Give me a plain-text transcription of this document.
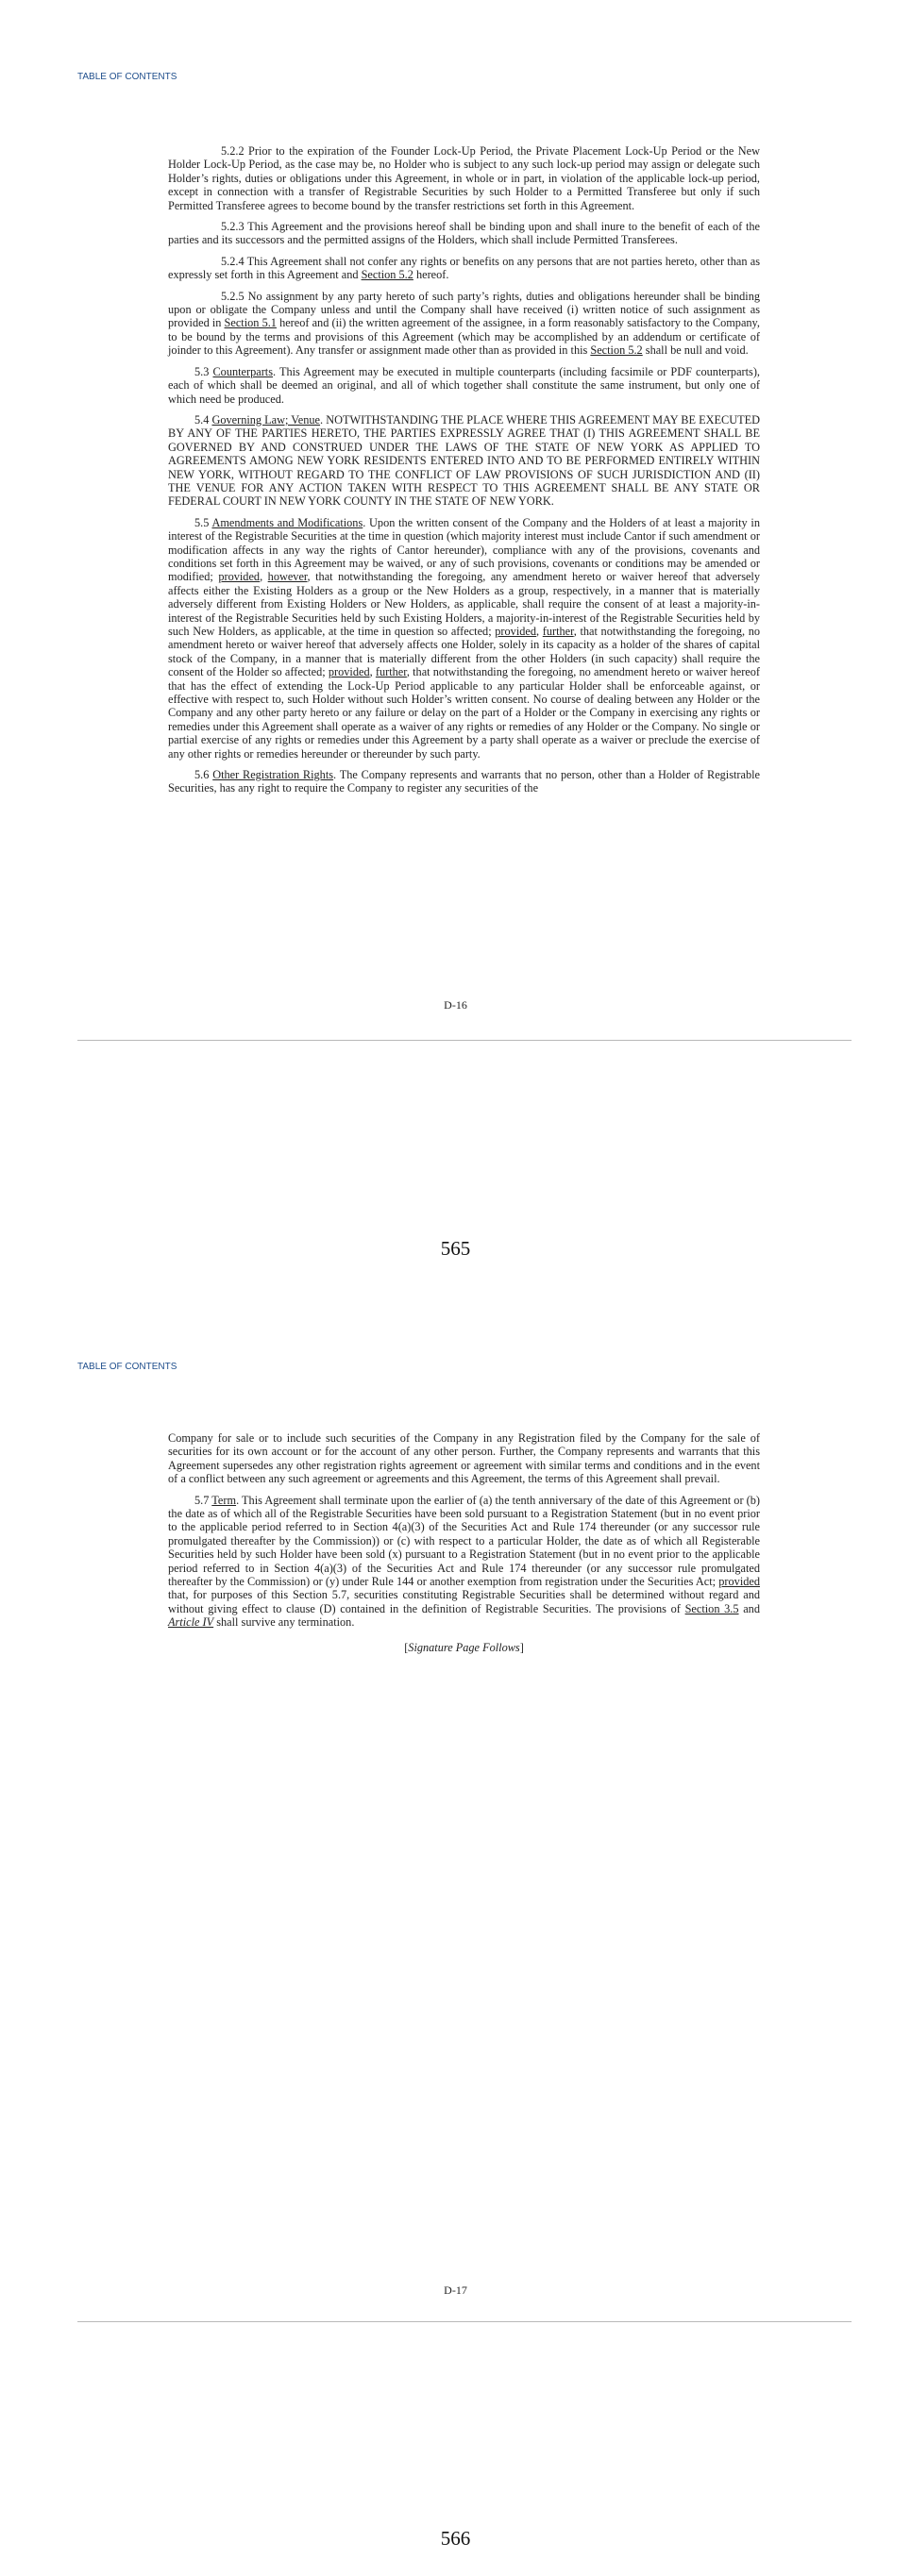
TABLE OF CONTENTS

5.2.2 Prior to the expiration of the Founder Lock-Up Period, the Private Placement Lock-Up Period or the New Holder Lock-Up Period, as the case may be, no Holder who is subject to any such lock-up period may assign or delegate such Holder’s rights, duties or obligations under this Agreement, in whole or in part, in violation of the applicable lock-up period, except in connection with a transfer of Registrable Securities by such Holder to a Permitted Transferee but only if such Permitted Transferee agrees to become bound by the transfer restrictions set forth in this Agreement.

5.2.3 This Agreement and the provisions hereof shall be binding upon and shall inure to the benefit of each of the parties and its successors and the permitted assigns of the Holders, which shall include Permitted Transferees.

5.2.4 This Agreement shall not confer any rights or benefits on any persons that are not parties hereto, other than as expressly set forth in this Agreement and Section 5.2 hereof.

5.2.5 No assignment by any party hereto of such party’s rights, duties and obligations hereunder shall be binding upon or obligate the Company unless and until the Company shall have received (i) written notice of such assignment as provided in Section 5.1 hereof and (ii) the written agreement of the assignee, in a form reasonably satisfactory to the Company, to be bound by the terms and provisions of this Agreement (which may be accomplished by an addendum or certificate of joinder to this Agreement). Any transfer or assignment made other than as provided in this Section 5.2 shall be null and void.

5.3 Counterparts. This Agreement may be executed in multiple counterparts (including facsimile or PDF counterparts), each of which shall be deemed an original, and all of which together shall constitute the same instrument, but only one of which need be produced.

5.4 Governing Law; Venue. NOTWITHSTANDING THE PLACE WHERE THIS AGREEMENT MAY BE EXECUTED BY ANY OF THE PARTIES HERETO, THE PARTIES EXPRESSLY AGREE THAT (I) THIS AGREEMENT SHALL BE GOVERNED BY AND CONSTRUED UNDER THE LAWS OF THE STATE OF NEW YORK AS APPLIED TO AGREEMENTS AMONG NEW YORK RESIDENTS ENTERED INTO AND TO BE PERFORMED ENTIRELY WITHIN NEW YORK, WITHOUT REGARD TO THE CONFLICT OF LAW PROVISIONS OF SUCH JURISDICTION AND (II) THE VENUE FOR ANY ACTION TAKEN WITH RESPECT TO THIS AGREEMENT SHALL BE ANY STATE OR FEDERAL COURT IN NEW YORK COUNTY IN THE STATE OF NEW YORK.

5.5 Amendments and Modifications. Upon the written consent of the Company and the Holders of at least a majority in interest of the Registrable Securities at the time in question (which majority interest must include Cantor if such amendment or modification affects in any way the rights of Cantor hereunder), compliance with any of the provisions, covenants and conditions set forth in this Agreement may be waived, or any of such provisions, covenants or conditions may be amended or modified; provided, however, that notwithstanding the foregoing, any amendment hereto or waiver hereof that adversely affects either the Existing Holders as a group or the New Holders as a group, respectively, in a manner that is materially adversely different from Existing Holders or New Holders, as applicable, shall require the consent of at least a majority-in-interest of the Registrable Securities held by such Existing Holders, a majority-in-interest of the Registrable Securities held by such New Holders, as applicable, at the time in question so affected; provided, further, that notwithstanding the foregoing, no amendment hereto or waiver hereof that adversely affects one Holder, solely in its capacity as a holder of the shares of capital stock of the Company, in a manner that is materially different from the other Holders (in such capacity) shall require the consent of the Holder so affected; provided, further, that notwithstanding the foregoing, no amendment hereto or waiver hereof that has the effect of extending the Lock-Up Period applicable to any particular Holder shall be enforceable against, or effective with respect to, such Holder without such Holder’s written consent. No course of dealing between any Holder or the Company and any other party hereto or any failure or delay on the part of a Holder or the Company in exercising any rights or remedies under this Agreement shall operate as a waiver of any rights or remedies of any Holder or the Company. No single or partial exercise of any rights or remedies under this Agreement by a party shall operate as a waiver or preclude the exercise of any other rights or remedies hereunder or thereunder by such party.

5.6 Other Registration Rights. The Company represents and warrants that no person, other than a Holder of Registrable Securities, has any right to require the Company to register any securities of the

D-16
565
TABLE OF CONTENTS

Company for sale or to include such securities of the Company in any Registration filed by the Company for the sale of securities for its own account or for the account of any other person. Further, the Company represents and warrants that this Agreement supersedes any other registration rights agreement or agreement with similar terms and conditions and in the event of a conflict between any such agreement or agreements and this Agreement, the terms of this Agreement shall prevail.

5.7 Term. This Agreement shall terminate upon the earlier of (a) the tenth anniversary of the date of this Agreement or (b) the date as of which all of the Registrable Securities have been sold pursuant to a Registration Statement (but in no event prior to the applicable period referred to in Section 4(a)(3) of the Securities Act and Rule 174 thereunder (or any successor rule promulgated thereafter by the Commission)) or (c) with respect to a particular Holder, the date as of which all Registerable Securities held by such Holder have been sold (x) pursuant to a Registration Statement (but in no event prior to the applicable period referred to in Section 4(a)(3) of the Securities Act and Rule 174 thereunder (or any successor rule promulgated thereafter by the Commission) or (y) under Rule 144 or another exemption from registration under the Securities Act; provided that, for purposes of this Section 5.7, securities constituting Registrable Securities shall be determined without regard and without giving effect to clause (D) contained in the definition of Registrable Securities. The provisions of Section 3.5 and Article IV shall survive any termination.

[Signature Page Follows]

D-17
566
